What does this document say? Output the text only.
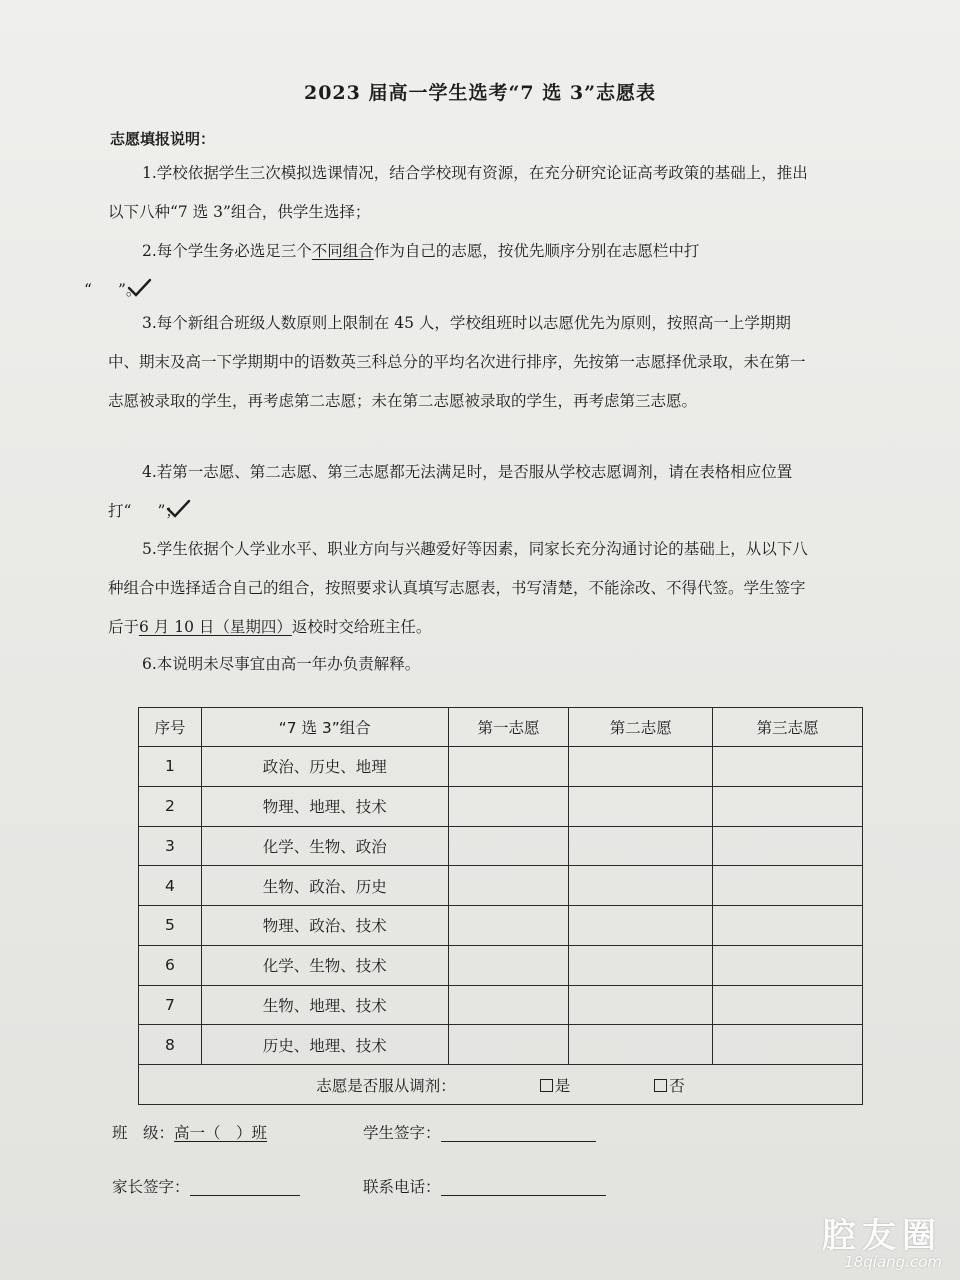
2023 届高一学生选考“7 选 3”志愿表
志愿填报说明：
1.学校依据学生三次模拟选课情况，结合学校现有资源，在充分研究论证高考政策的基础上，推出以下八种“7 选 3”组合，供学生选择；
2.每个学生务必选足三个不同组合作为自己的志愿，按优先顺序分别在志愿栏中打
“ ”。
3.每个新组合班级人数原则上限制在 45 人，学校组班时以志愿优先为原则，按照高一上学期期中、期末及高一下学期期中的语数英三科总分的平均名次进行排序，先按第一志愿择优录取，未在第一志愿被录取的学生，再考虑第二志愿；未在第二志愿被录取的学生，再考虑第三志愿。
4.若第一志愿、第二志愿、第三志愿都无法满足时，是否服从学校志愿调剂，请在表格相应位置打“ ”；
5.学生依据个人学业水平、职业方向与兴趣爱好等因素，同家长充分沟通讨论的基础上，从以下八种组合中选择适合自己的组合，按照要求认真填写志愿表，书写清楚，不能涂改、不得代签。学生签字后于6 月 10 日（星期四）返校时交给班主任。
6.本说明未尽事宜由高一年办负责解释。
序号	“7 选 3”组合	第一志愿	第二志愿	第三志愿
1	政治、历史、地理			
2	物理、地理、技术			
3	化学、生物、政治			
4	生物、政治、历史			
5	物理、政治、技术			
6	化学、生物、技术			
7	生物、地理、技术			
8	历史、地理、技术			
志愿是否服从调剂： 是 否				
班　级：高一（　）班	学生签字：
家长签字：	联系电话：
腔友圈
18qiang.com
